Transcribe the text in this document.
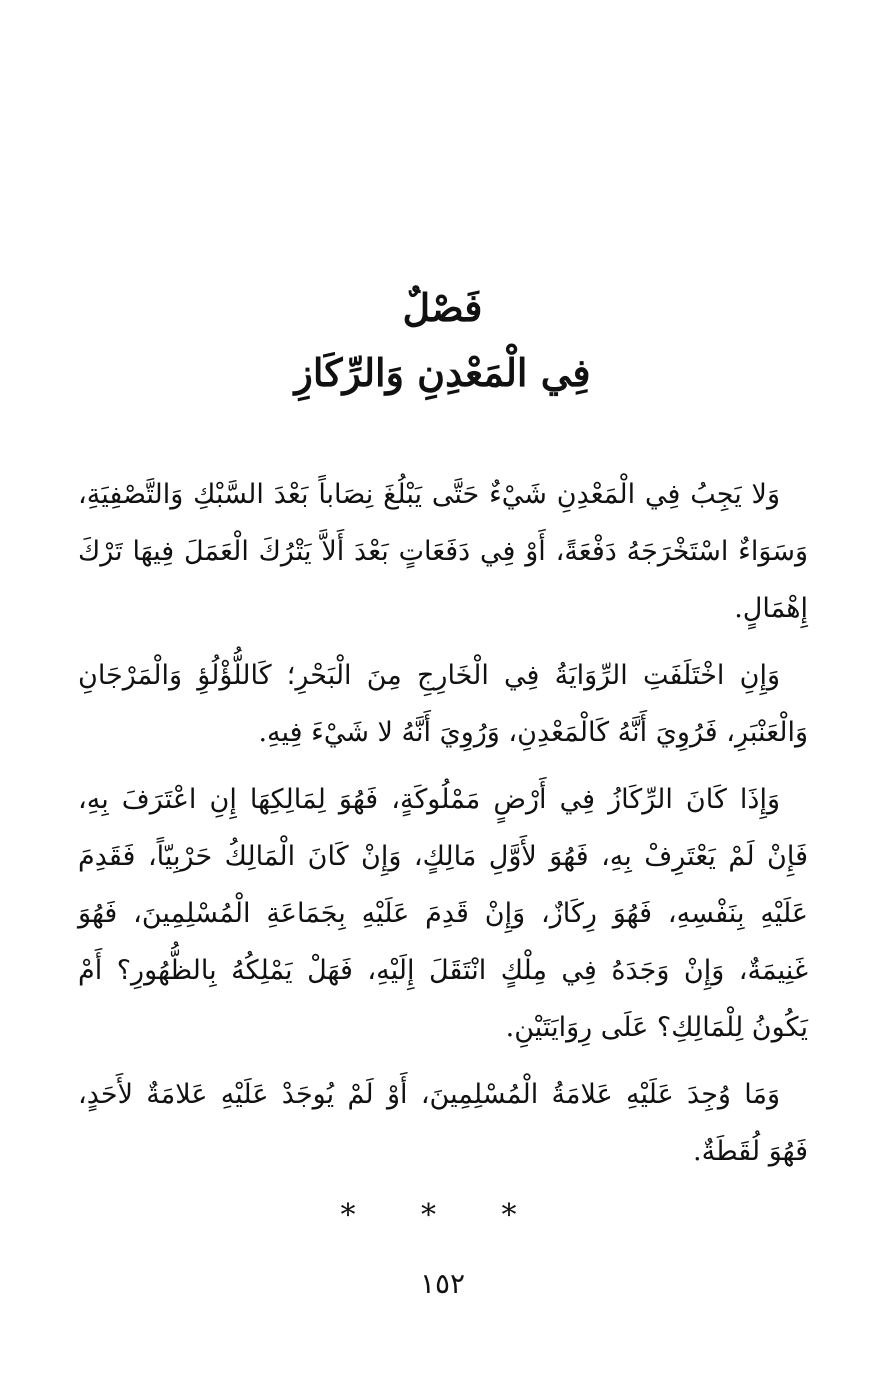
فَصْلٌ
فِي الْمَعْدِنِ وَالرِّكَازِ

وَلا يَجِبُ فِي الْمَعْدِنِ شَيْءٌ حَتَّى يَبْلُغَ نِصَاباً بَعْدَ السَّبْكِ وَالتَّصْفِيَةِ، وَسَوَاءٌ اسْتَخْرَجَهُ دَفْعَةً، أَوْ فِي دَفَعَاتٍ بَعْدَ أَلاَّ يَتْرُكَ الْعَمَلَ فِيهَا تَرْكَ إِهْمَالٍ.

وَإِنِ اخْتَلَفَتِ الرِّوَايَةُ فِي الْخَارِجِ مِنَ الْبَحْرِ؛ كَاللُّؤْلُؤِ وَالْمَرْجَانِ وَالْعَنْبَرِ، فَرُوِيَ أَنَّهُ كَالْمَعْدِنِ، وَرُوِيَ أَنَّهُ لا شَيْءَ فِيهِ.

وَإِذَا كَانَ الرِّكَازُ فِي أَرْضٍ مَمْلُوكَةٍ، فَهُوَ لِمَالِكِهَا إِنِ اعْتَرَفَ بِهِ، فَإِنْ لَمْ يَعْتَرِفْ بِهِ، فَهُوَ لأَوَّلِ مَالِكٍ، وَإِنْ كَانَ الْمَالِكُ حَرْبِيّاً، فَقَدِمَ عَلَيْهِ بِنَفْسِهِ، فَهُوَ رِكَازٌ، وَإِنْ قَدِمَ عَلَيْهِ بِجَمَاعَةِ الْمُسْلِمِينَ، فَهُوَ غَنِيمَةٌ، وَإِنْ وَجَدَهُ فِي مِلْكٍ انْتَقَلَ إِلَيْهِ، فَهَلْ يَمْلِكُهُ بِالظُّهُورِ؟ أَمْ يَكُونُ لِلْمَالِكِ؟ عَلَى رِوَايَتَيْنِ.

وَمَا وُجِدَ عَلَيْهِ عَلامَةُ الْمُسْلِمِينَ، أَوْ لَمْ يُوجَدْ عَلَيْهِ عَلامَةٌ لأَحَدٍ، فَهُوَ لُقَطَةٌ.

* * *
١٥٢
